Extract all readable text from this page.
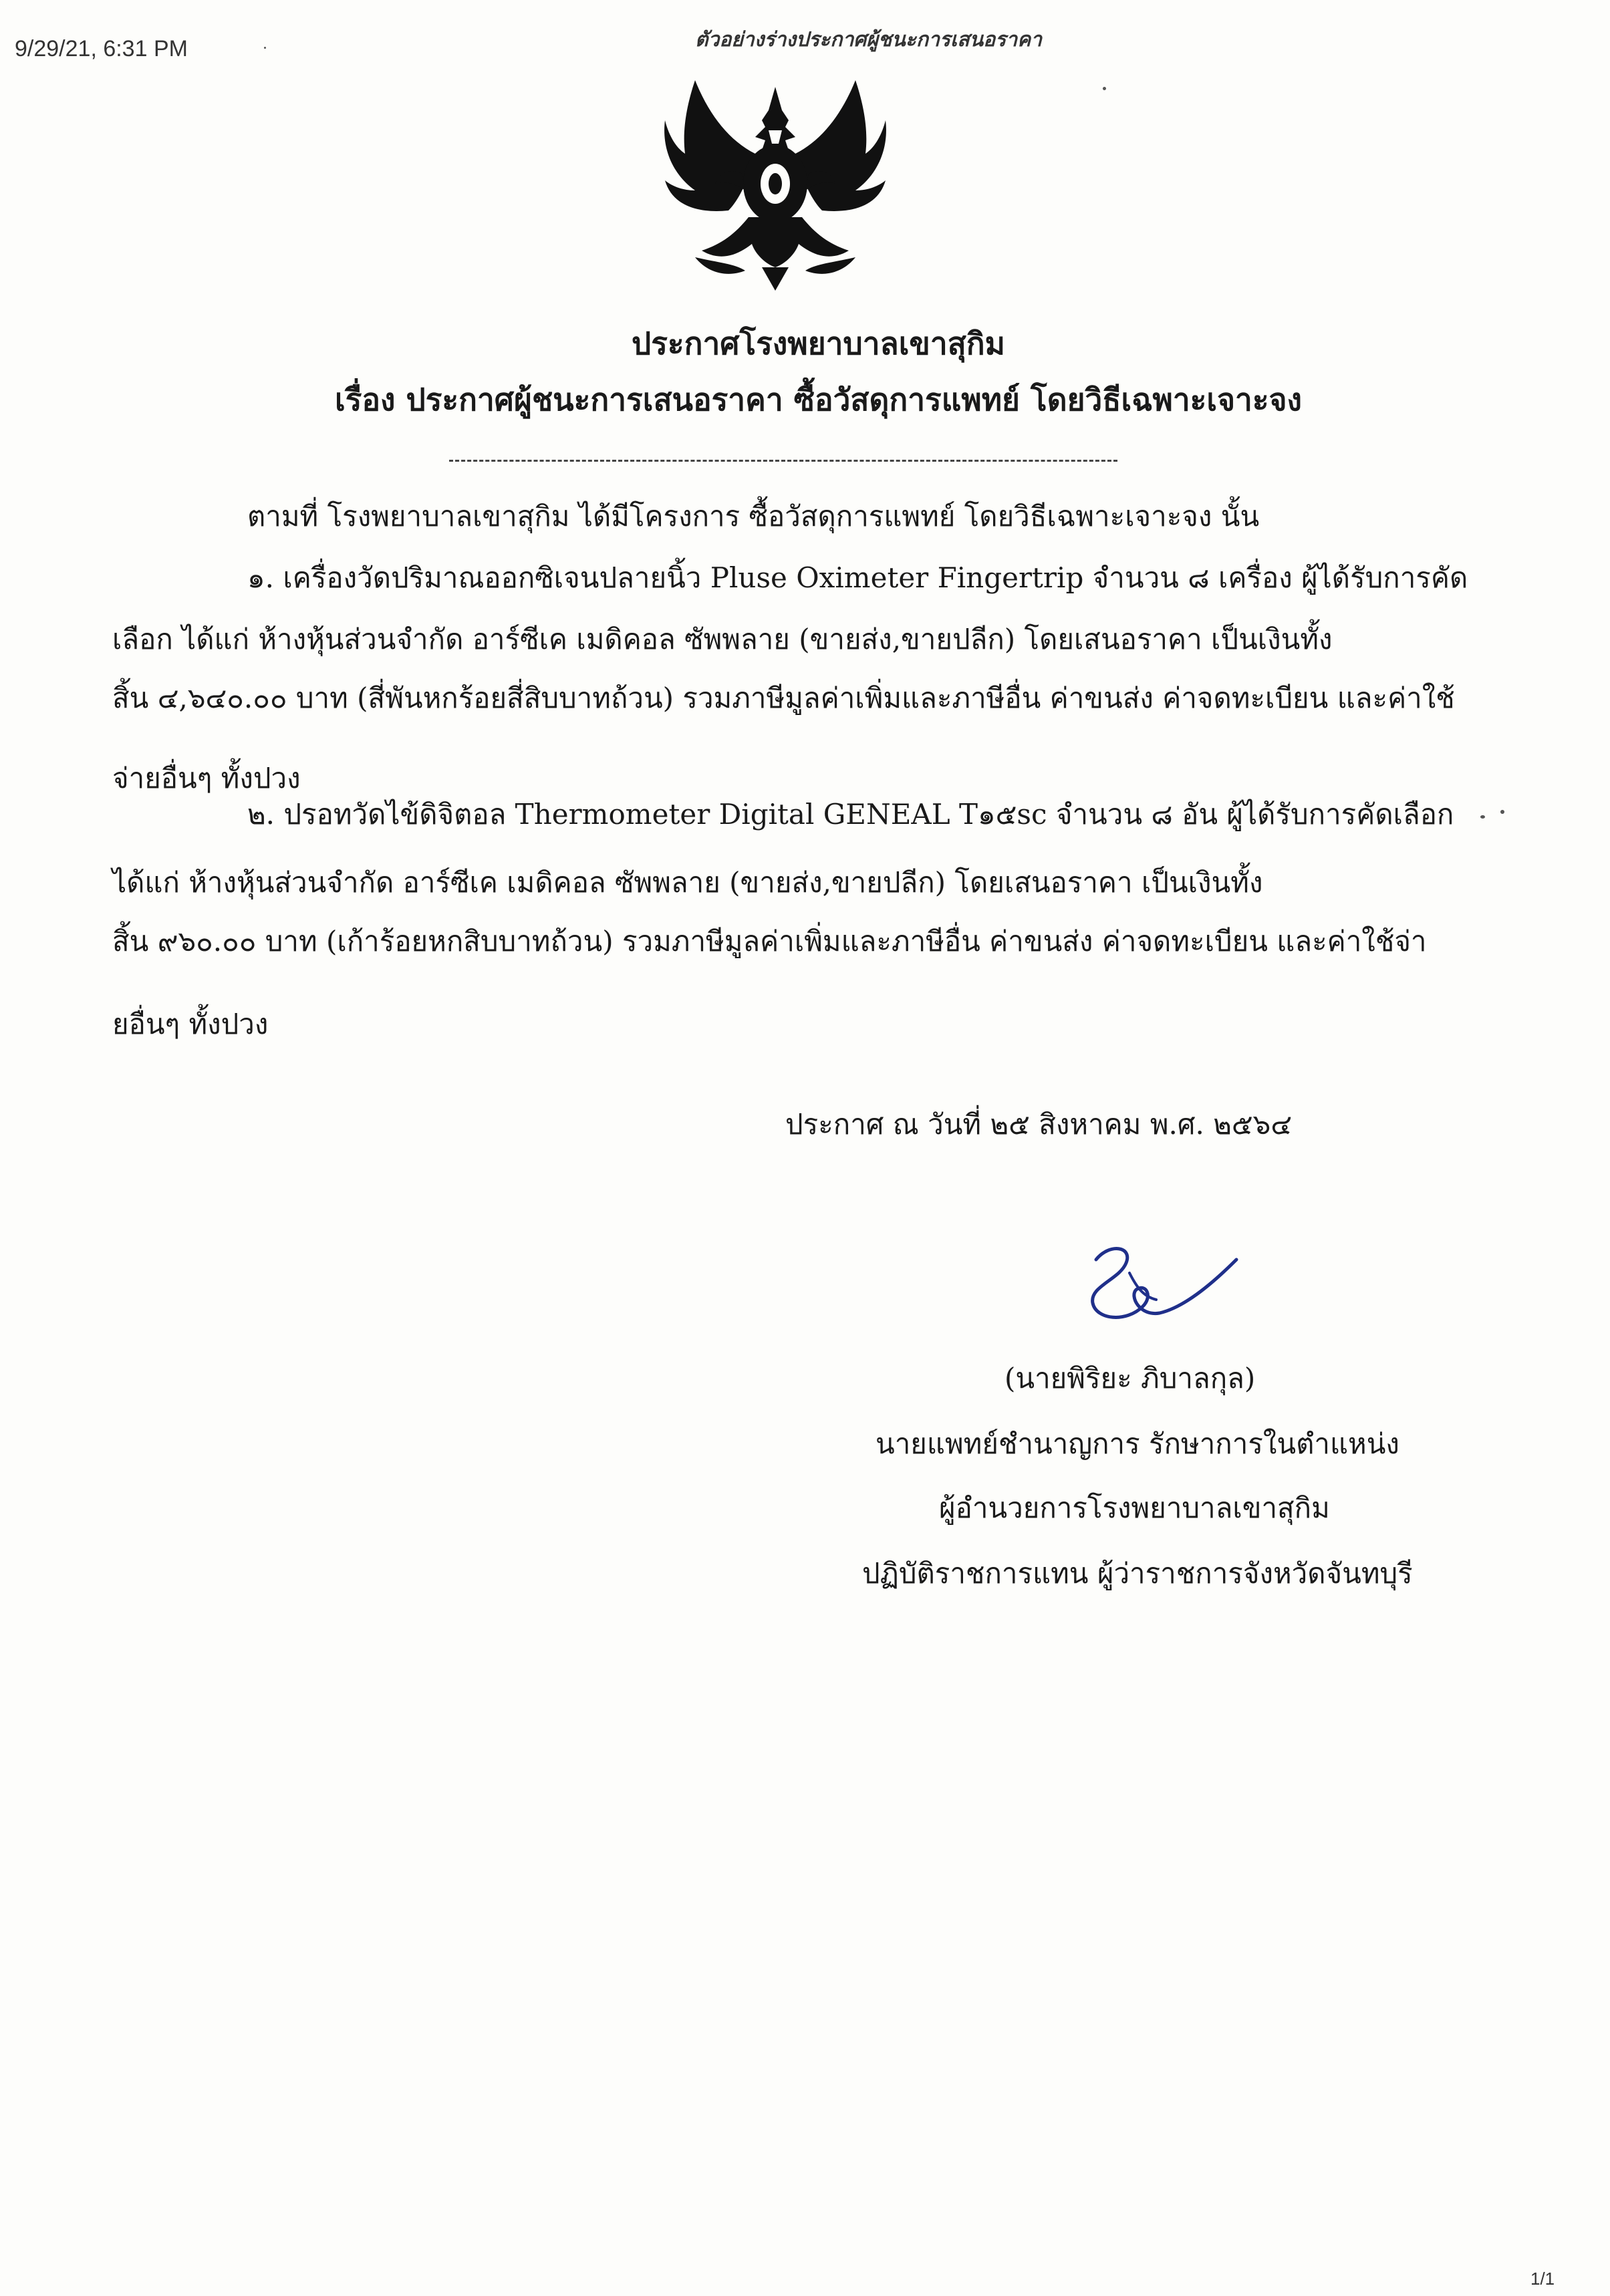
9/29/21, 6:31 PM	ตัวอย่างร่างประกาศผู้ชนะการเสนอราคา
ประกาศโรงพยาบาลเขาสุกิม
เรื่อง ประกาศผู้ชนะการเสนอราคา ซื้อวัสดุการแพทย์ โดยวิธีเฉพาะเจาะจง
ตามที่ โรงพยาบาลเขาสุกิม ได้มีโครงการ ซื้อวัสดุการแพทย์ โดยวิธีเฉพาะเจาะจง นั้น
๑. เครื่องวัดปริมาณออกซิเจนปลายนิ้ว Pluse Oximeter Fingertrip จำนวน ๘ เครื่อง ผู้ได้รับการคัด
เลือก ได้แก่ ห้างหุ้นส่วนจำกัด อาร์ซีเค เมดิคอล ซัพพลาย (ขายส่ง,ขายปลีก) โดยเสนอราคา เป็นเงินทั้ง
สิ้น ๔,๖๔๐.๐๐ บาท (สี่พันหกร้อยสี่สิบบาทถ้วน) รวมภาษีมูลค่าเพิ่มและภาษีอื่น ค่าขนส่ง ค่าจดทะเบียน และค่าใช้
จ่ายอื่นๆ ทั้งปวง
๒. ปรอทวัดไข้ดิจิตอล Thermometer Digital GENEAL T๑๕sc จำนวน ๘ อัน ผู้ได้รับการคัดเลือก
ได้แก่ ห้างหุ้นส่วนจำกัด อาร์ซีเค เมดิคอล ซัพพลาย (ขายส่ง,ขายปลีก) โดยเสนอราคา เป็นเงินทั้ง
สิ้น ๙๖๐.๐๐ บาท (เก้าร้อยหกสิบบาทถ้วน) รวมภาษีมูลค่าเพิ่มและภาษีอื่น ค่าขนส่ง ค่าจดทะเบียน และค่าใช้จ่า
ยอื่นๆ ทั้งปวง
ประกาศ ณ วันที่ ๒๕ สิงหาคม พ.ศ. ๒๕๖๔
(นายพิริยะ ภิบาลกุล)
นายแพทย์ชำนาญการ รักษาการในตำแหน่ง
ผู้อำนวยการโรงพยาบาลเขาสุกิม
ปฏิบัติราชการแทน ผู้ว่าราชการจังหวัดจันทบุรี
1/1
